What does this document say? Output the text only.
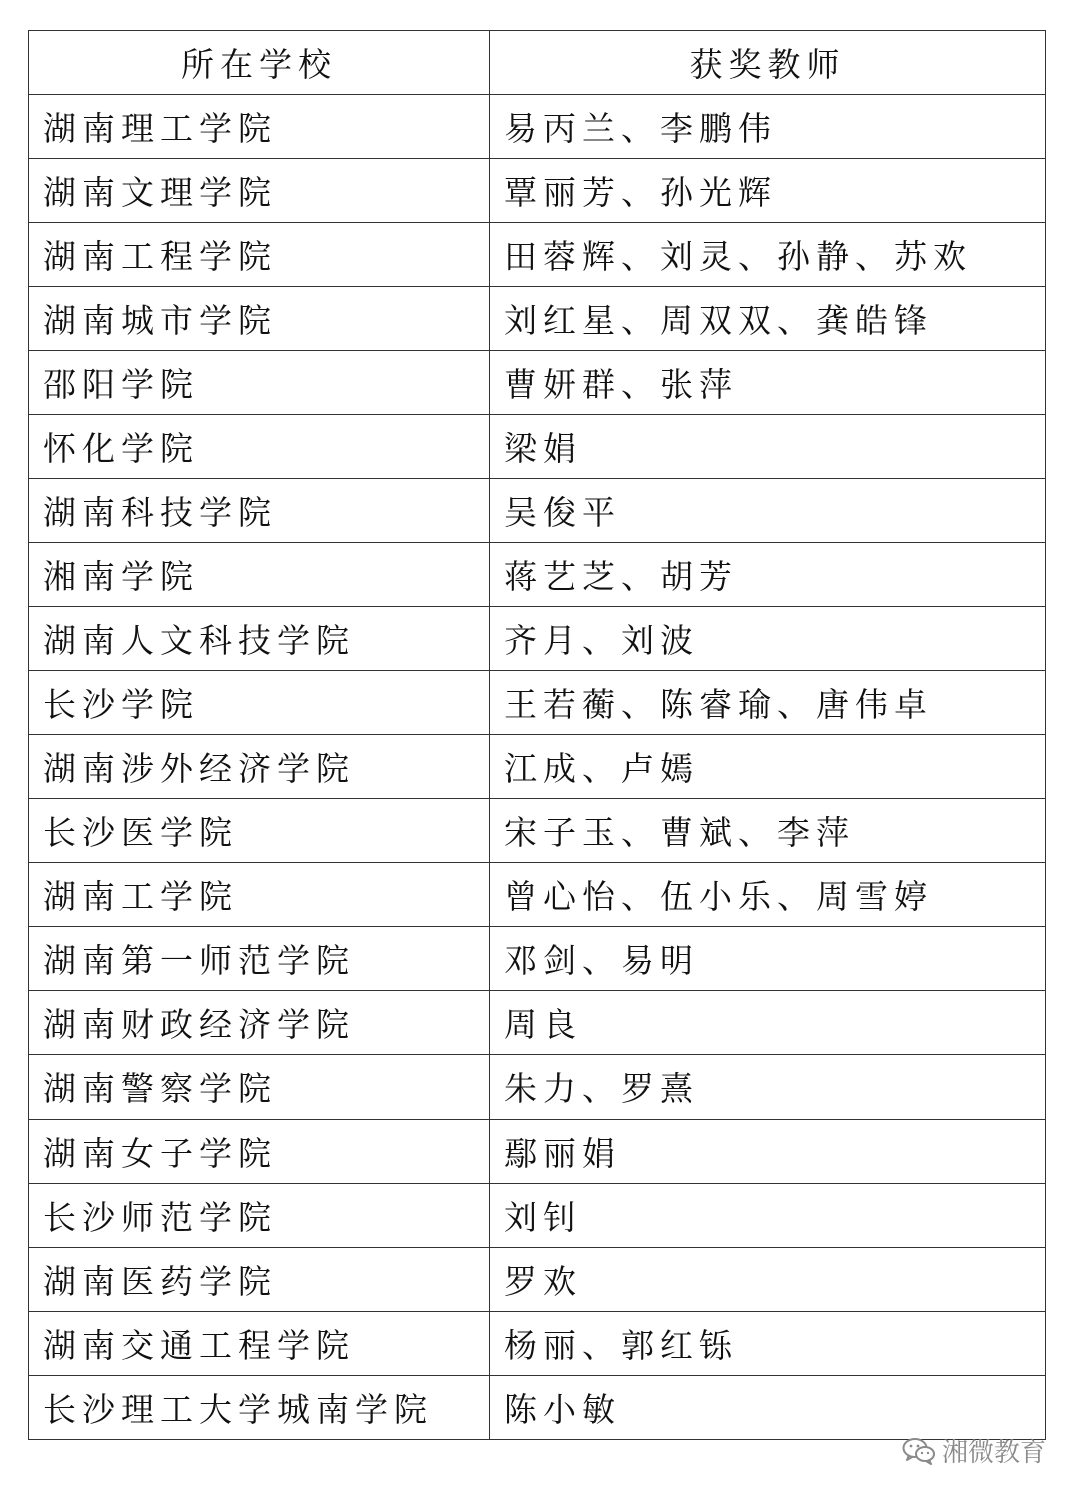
所在学校	获奖教师
湖南理工学院	易丙兰、李鹏伟
湖南文理学院	覃丽芳、孙光辉
湖南工程学院	田蓉辉、刘灵、孙静、苏欢
湖南城市学院	刘红星、周双双、龚皓锋
邵阳学院	曹妍群、张萍
怀化学院	梁娟
湖南科技学院	吴俊平
湘南学院	蒋艺芝、胡芳
湖南人文科技学院	齐月、刘波
长沙学院	王若蘅、陈睿瑜、唐伟卓
湖南涉外经济学院	江成、卢嫣
长沙医学院	宋子玉、曹斌、李萍
湖南工学院	曾心怡、伍小乐、周雪婷
湖南第一师范学院	邓剑、易明
湖南财政经济学院	周良
湖南警察学院	朱力、罗熹
湖南女子学院	鄢丽娟
长沙师范学院	刘钊
湖南医药学院	罗欢
湖南交通工程学院	杨丽、郭红铄
长沙理工大学城南学院	陈小敏
湘微教育
